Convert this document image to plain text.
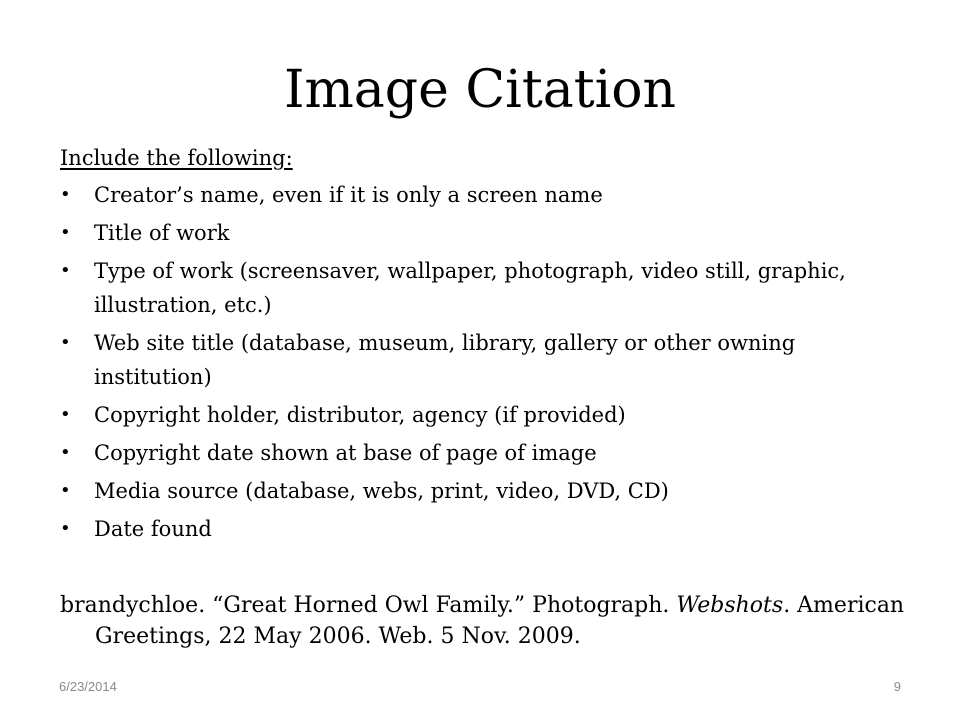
Image Citation
Include the following:
• Creator’s name, even if it is only a screen name
• Title of work
• Type of work (screensaver, wallpaper, photograph, video still, graphic, illustration, etc.)
• Web site title (database, museum, library, gallery or other owning institution)
• Copyright holder, distributor, agency (if provided)
• Copyright date shown at base of page of image
• Media source (database, webs, print, video, DVD, CD)
• Date found
brandychloe. “Great Horned Owl Family.” Photograph. Webshots. American Greetings, 22 May 2006. Web. 5 Nov. 2009.
6/23/2014	9
